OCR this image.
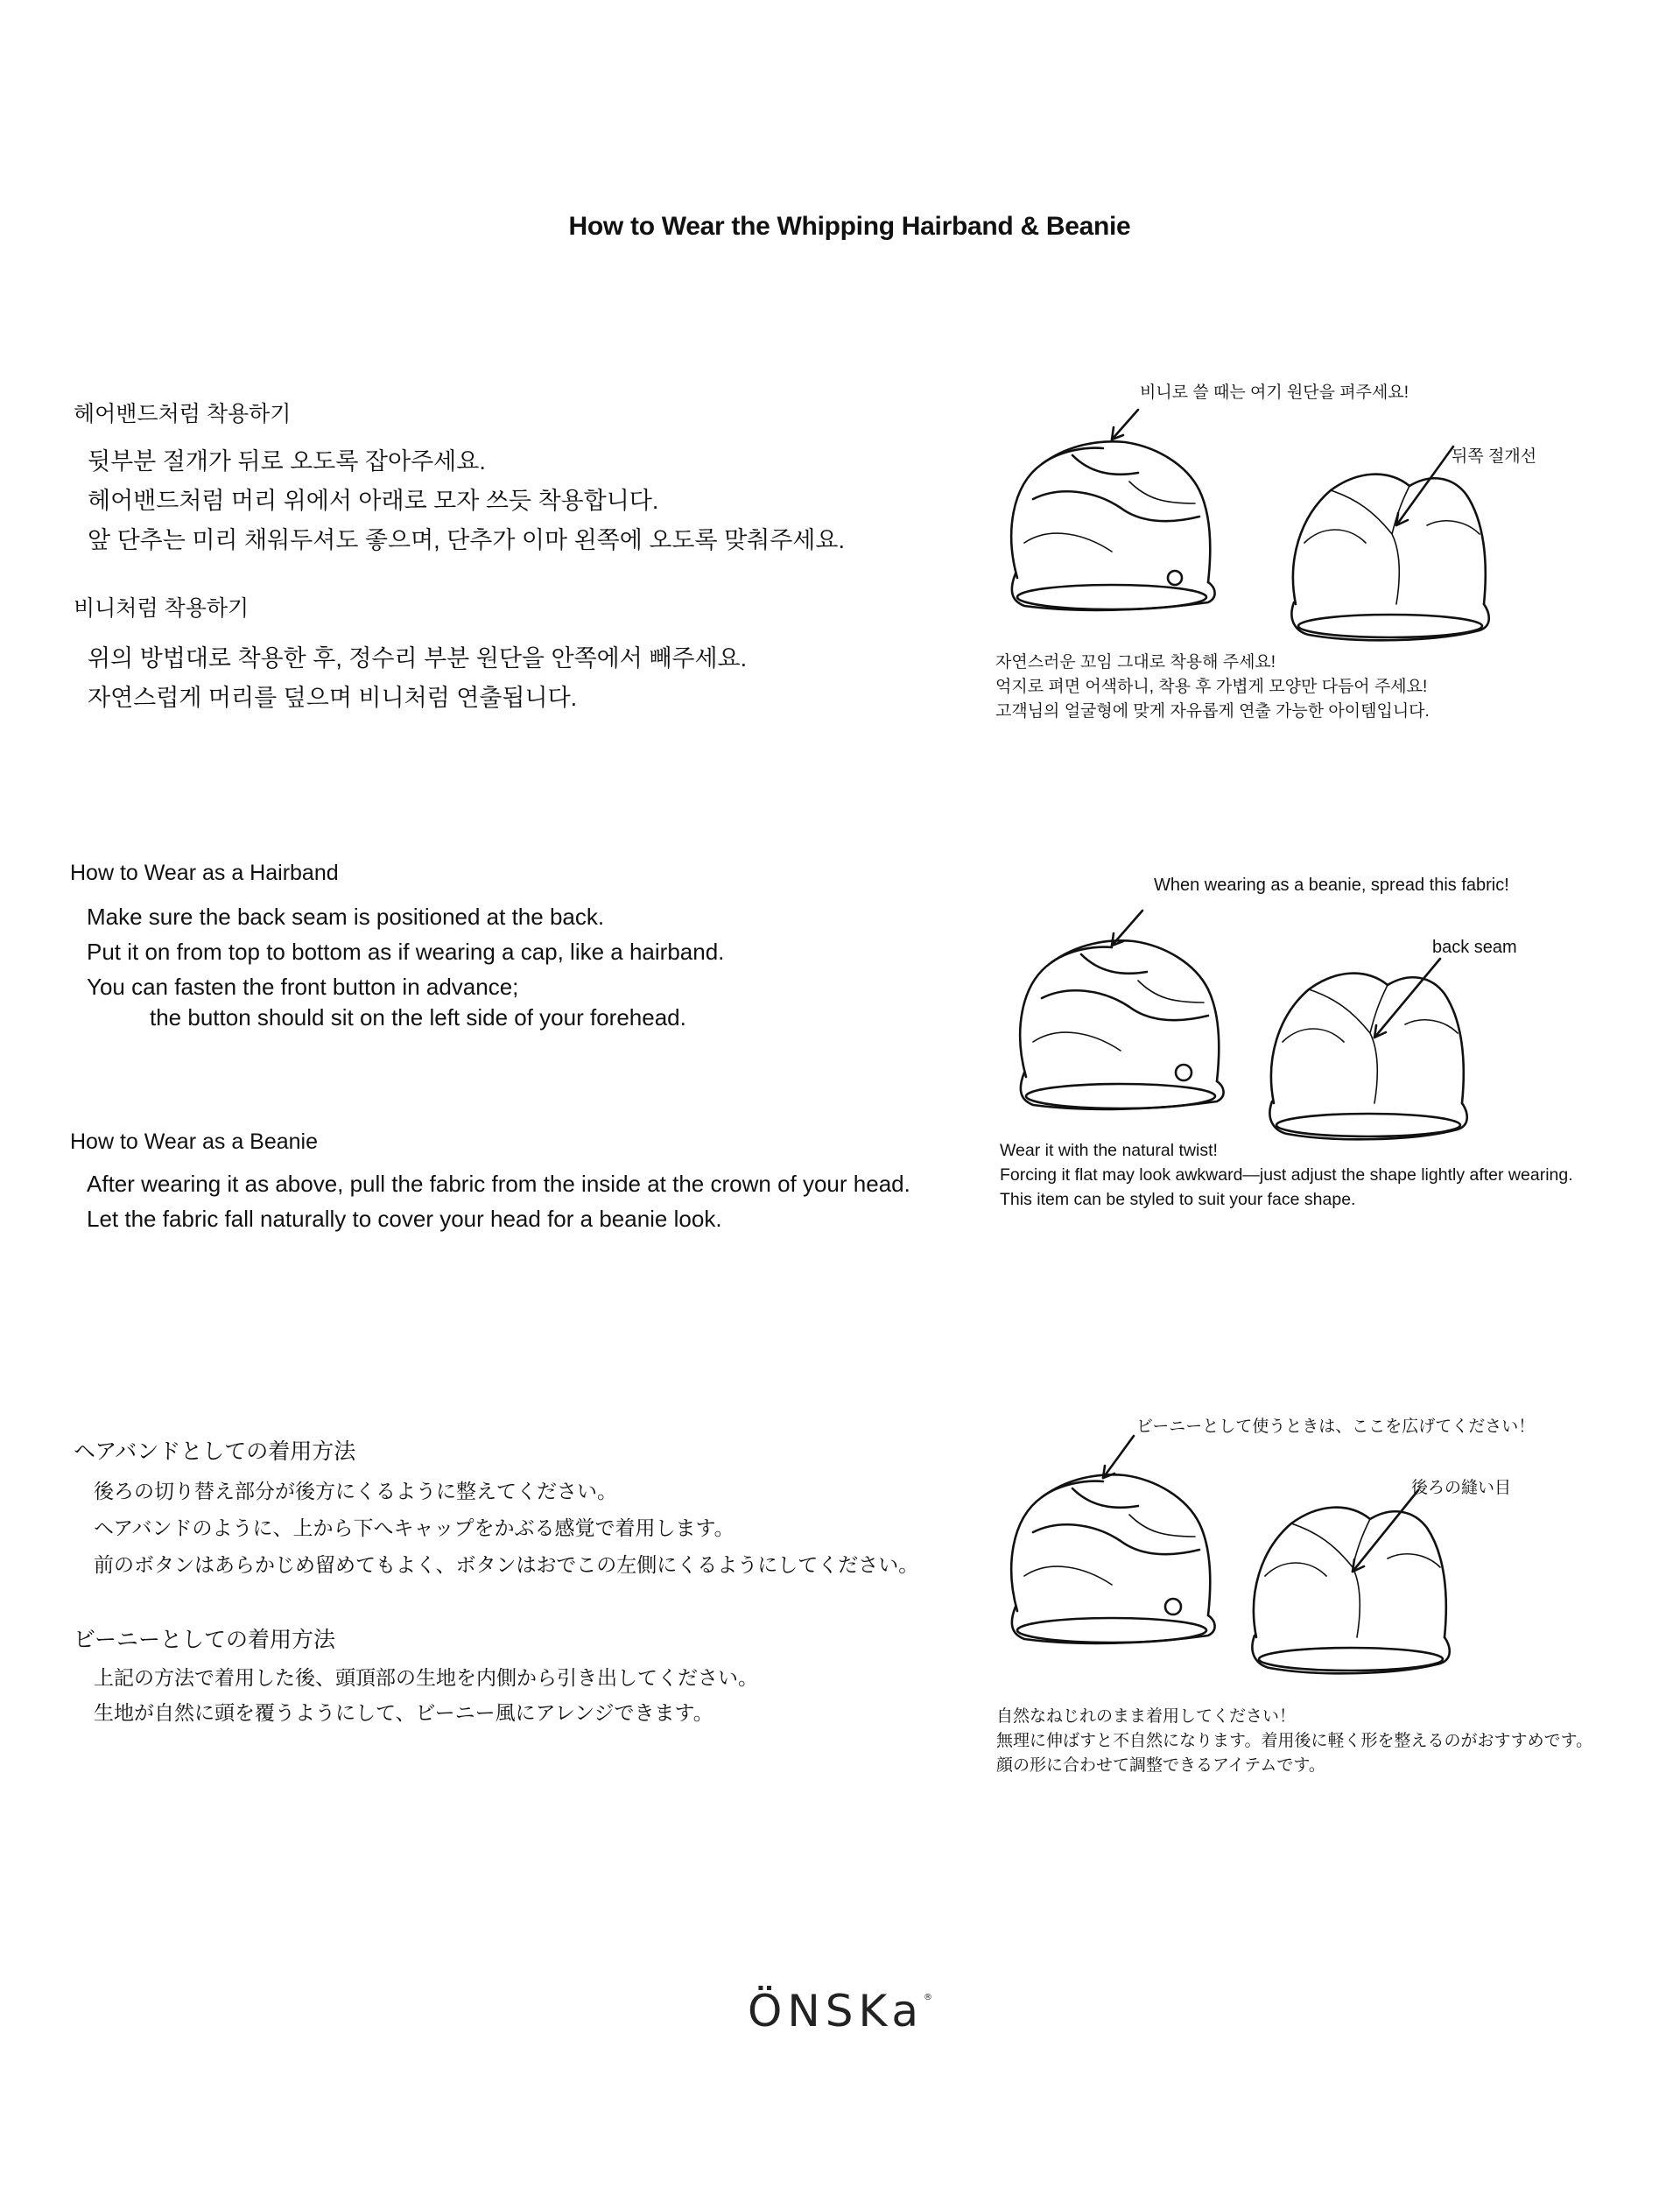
How to Wear the Whipping Hairband & Beanie
헤어밴드처럼 착용하기
뒷부분 절개가 뒤로 오도록 잡아주세요.
헤어밴드처럼 머리 위에서 아래로 모자 쓰듯 착용합니다.
앞 단추는 미리 채워두셔도 좋으며, 단추가 이마 왼쪽에 오도록 맞춰주세요.
비니처럼 착용하기
위의 방법대로 착용한 후, 정수리 부분 원단을 안쪽에서 빼주세요.
자연스럽게 머리를 덮으며 비니처럼 연출됩니다.
비니로 쓸 때는 여기 원단을 펴주세요!
뒤쪽 절개선
자연스러운 꼬임 그대로 착용해 주세요!
억지로 펴면 어색하니, 착용 후 가볍게 모양만 다듬어 주세요!
고객님의 얼굴형에 맞게 자유롭게 연출 가능한 아이템입니다.
How to Wear as a Hairband
Make sure the back seam is positioned at the back.
Put it on from top to bottom as if wearing a cap, like a hairband.
You can fasten the front button in advance;
the button should sit on the left side of your forehead.
How to Wear as a Beanie
After wearing it as above, pull the fabric from the inside at the crown of your head.
Let the fabric fall naturally to cover your head for a beanie look.
When wearing as a beanie, spread this fabric!
back seam
Wear it with the natural twist!
Forcing it flat may look awkward—just adjust the shape lightly after wearing.
This item can be styled to suit your face shape.
ヘアバンドとしての着用方法
後ろの切り替え部分が後方にくるように整えてください。
ヘアバンドのように、上から下へキャップをかぶる感覚で着用します。
前のボタンはあらかじめ留めてもよく、ボタンはおでこの左側にくるようにしてください。
ビーニーとしての着用方法
上記の方法で着用した後、頭頂部の生地を内側から引き出してください。
生地が自然に頭を覆うようにして、ビーニー風にアレンジできます。
ビーニーとして使うときは、ここを広げてください！
後ろの縫い目
自然なねじれのまま着用してください！
無理に伸ばすと不自然になります。着用後に軽く形を整えるのがおすすめです。
顔の形に合わせて調整できるアイテムです。
ÖNSKa®
